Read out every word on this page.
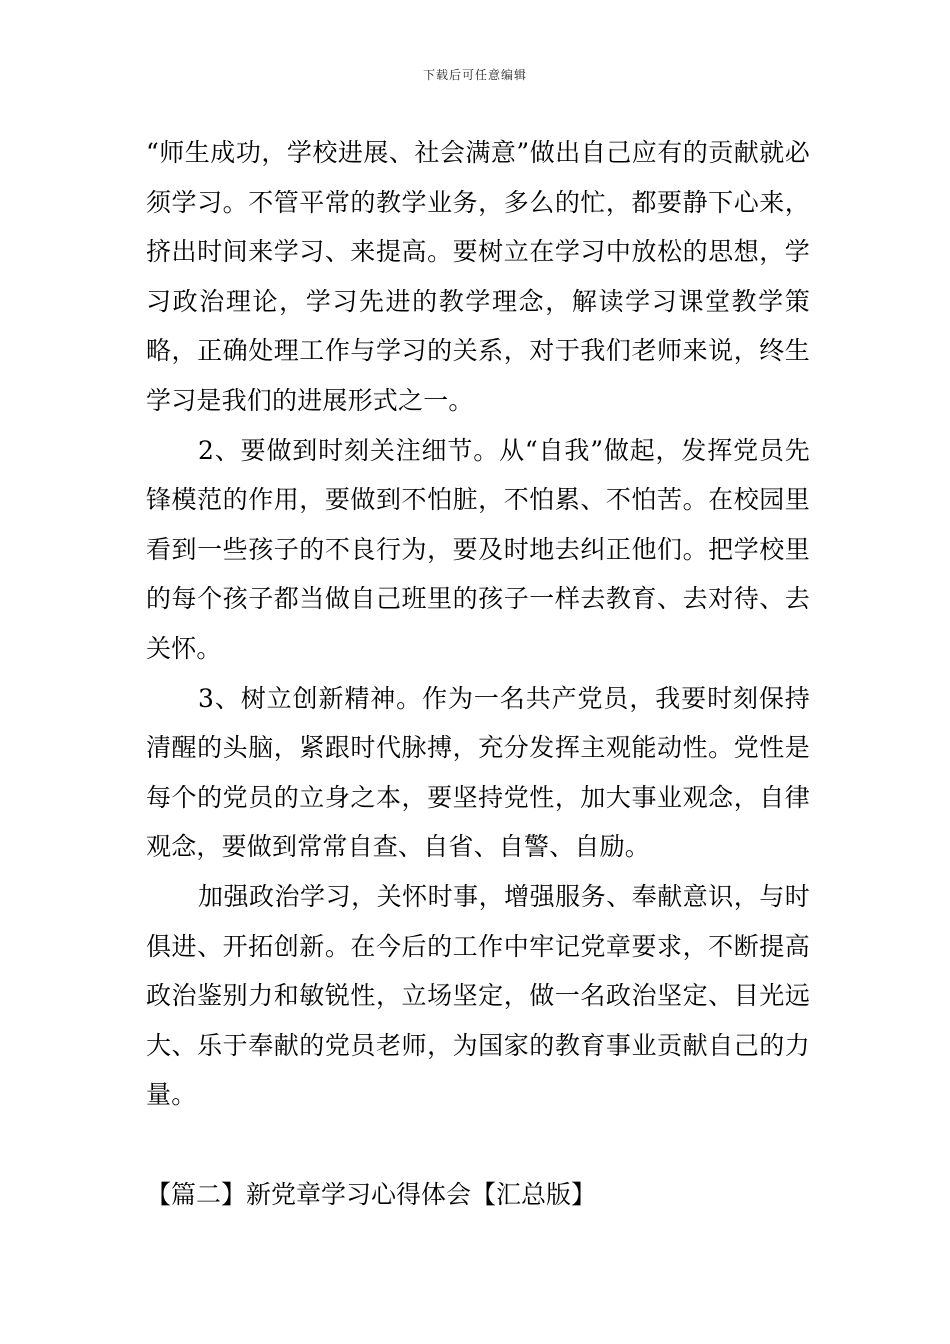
下载后可任意编辑

“师生成功，学校进展、社会满意”做出自己应有的贡献就必须学习。不管平常的教学业务，多么的忙，都要静下心来，挤出时间来学习、来提高。要树立在学习中放松的思想，学习政治理论，学习先进的教学理念，解读学习课堂教学策略，正确处理工作与学习的关系，对于我们老师来说，终生学习是我们的进展形式之一。

2、要做到时刻关注细节。从“自我”做起，发挥党员先锋模范的作用，要做到不怕脏，不怕累、不怕苦。在校园里看到一些孩子的不良行为，要及时地去纠正他们。把学校里的每个孩子都当做自己班里的孩子一样去教育、去对待、去关怀。

3、树立创新精神。作为一名共产党员，我要时刻保持清醒的头脑，紧跟时代脉搏，充分发挥主观能动性。党性是每个的党员的立身之本，要坚持党性，加大事业观念，自律观念，要做到常常自查、自省、自警、自励。

加强政治学习，关怀时事，增强服务、奉献意识，与时俱进、开拓创新。在今后的工作中牢记党章要求，不断提高政治鉴别力和敏锐性，立场坚定，做一名政治坚定、目光远大、乐于奉献的党员老师，为国家的教育事业贡献自己的力量。

【篇二】新党章学习心得体会【汇总版】
